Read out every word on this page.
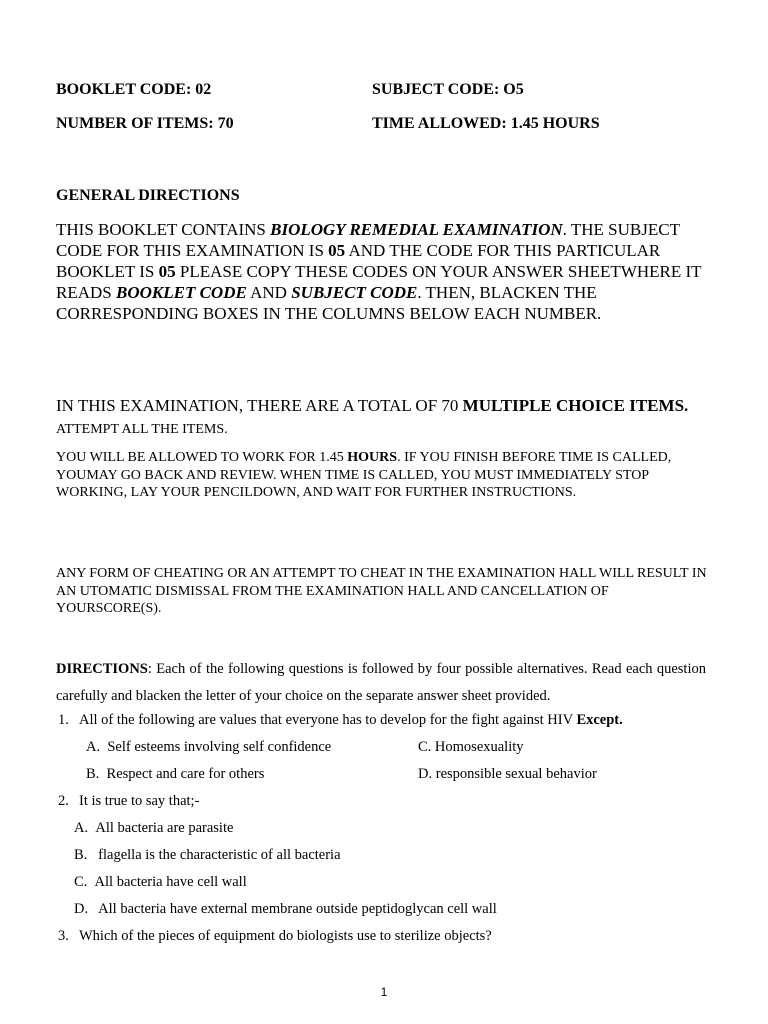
BOOKLET CODE: 02	SUBJECT CODE: O5
NUMBER OF ITEMS: 70	TIME ALLOWED: 1.45 HOURS
GENERAL DIRECTIONS
THIS BOOKLET CONTAINS BIOLOGY REMEDIAL EXAMINATION. THE SUBJECT CODE FOR THIS EXAMINATION IS 05 AND THE CODE FOR THIS PARTICULAR BOOKLET IS 05 PLEASE COPY THESE CODES ON YOUR ANSWER SHEETWHERE IT READS BOOKLET CODE AND SUBJECT CODE. THEN, BLACKEN THE CORRESPONDING BOXES IN THE COLUMNS BELOW EACH NUMBER.
IN THIS EXAMINATION, THERE ARE A TOTAL OF 70 MULTIPLE CHOICE ITEMS. ATTEMPT ALL THE ITEMS.
YOU WILL BE ALLOWED TO WORK FOR 1.45 HOURS. IF YOU FINISH BEFORE TIME IS CALLED, YOUMAY GO BACK AND REVIEW. WHEN TIME IS CALLED, YOU MUST IMMEDIATELY STOP WORKING, LAY YOUR PENCILDOWN, AND WAIT FOR FURTHER INSTRUCTIONS.
ANY FORM OF CHEATING OR AN ATTEMPT TO CHEAT IN THE EXAMINATION HALL WILL RESULT IN AN UTOMATIC DISMISSAL FROM THE EXAMINATION HALL AND CANCELLATION OF YOURSCORE(S).
DIRECTIONS: Each of the following questions is followed by four possible alternatives. Read each question carefully and blacken the letter of your choice on the separate answer sheet provided.
1. All of the following are values that everyone has to develop for the fight against HIV Except.
A. Self esteems involving self confidence
B. Respect and care for others
C. Homosexuality
D. responsible sexual behavior
2. It is true to say that;-
A. All bacteria are parasite
B.   flagella is the characteristic of all bacteria
C. All bacteria have cell wall
D.   All bacteria have external membrane outside peptidoglycan cell wall
3. Which of the pieces of equipment do biologists use to sterilize objects?
1
